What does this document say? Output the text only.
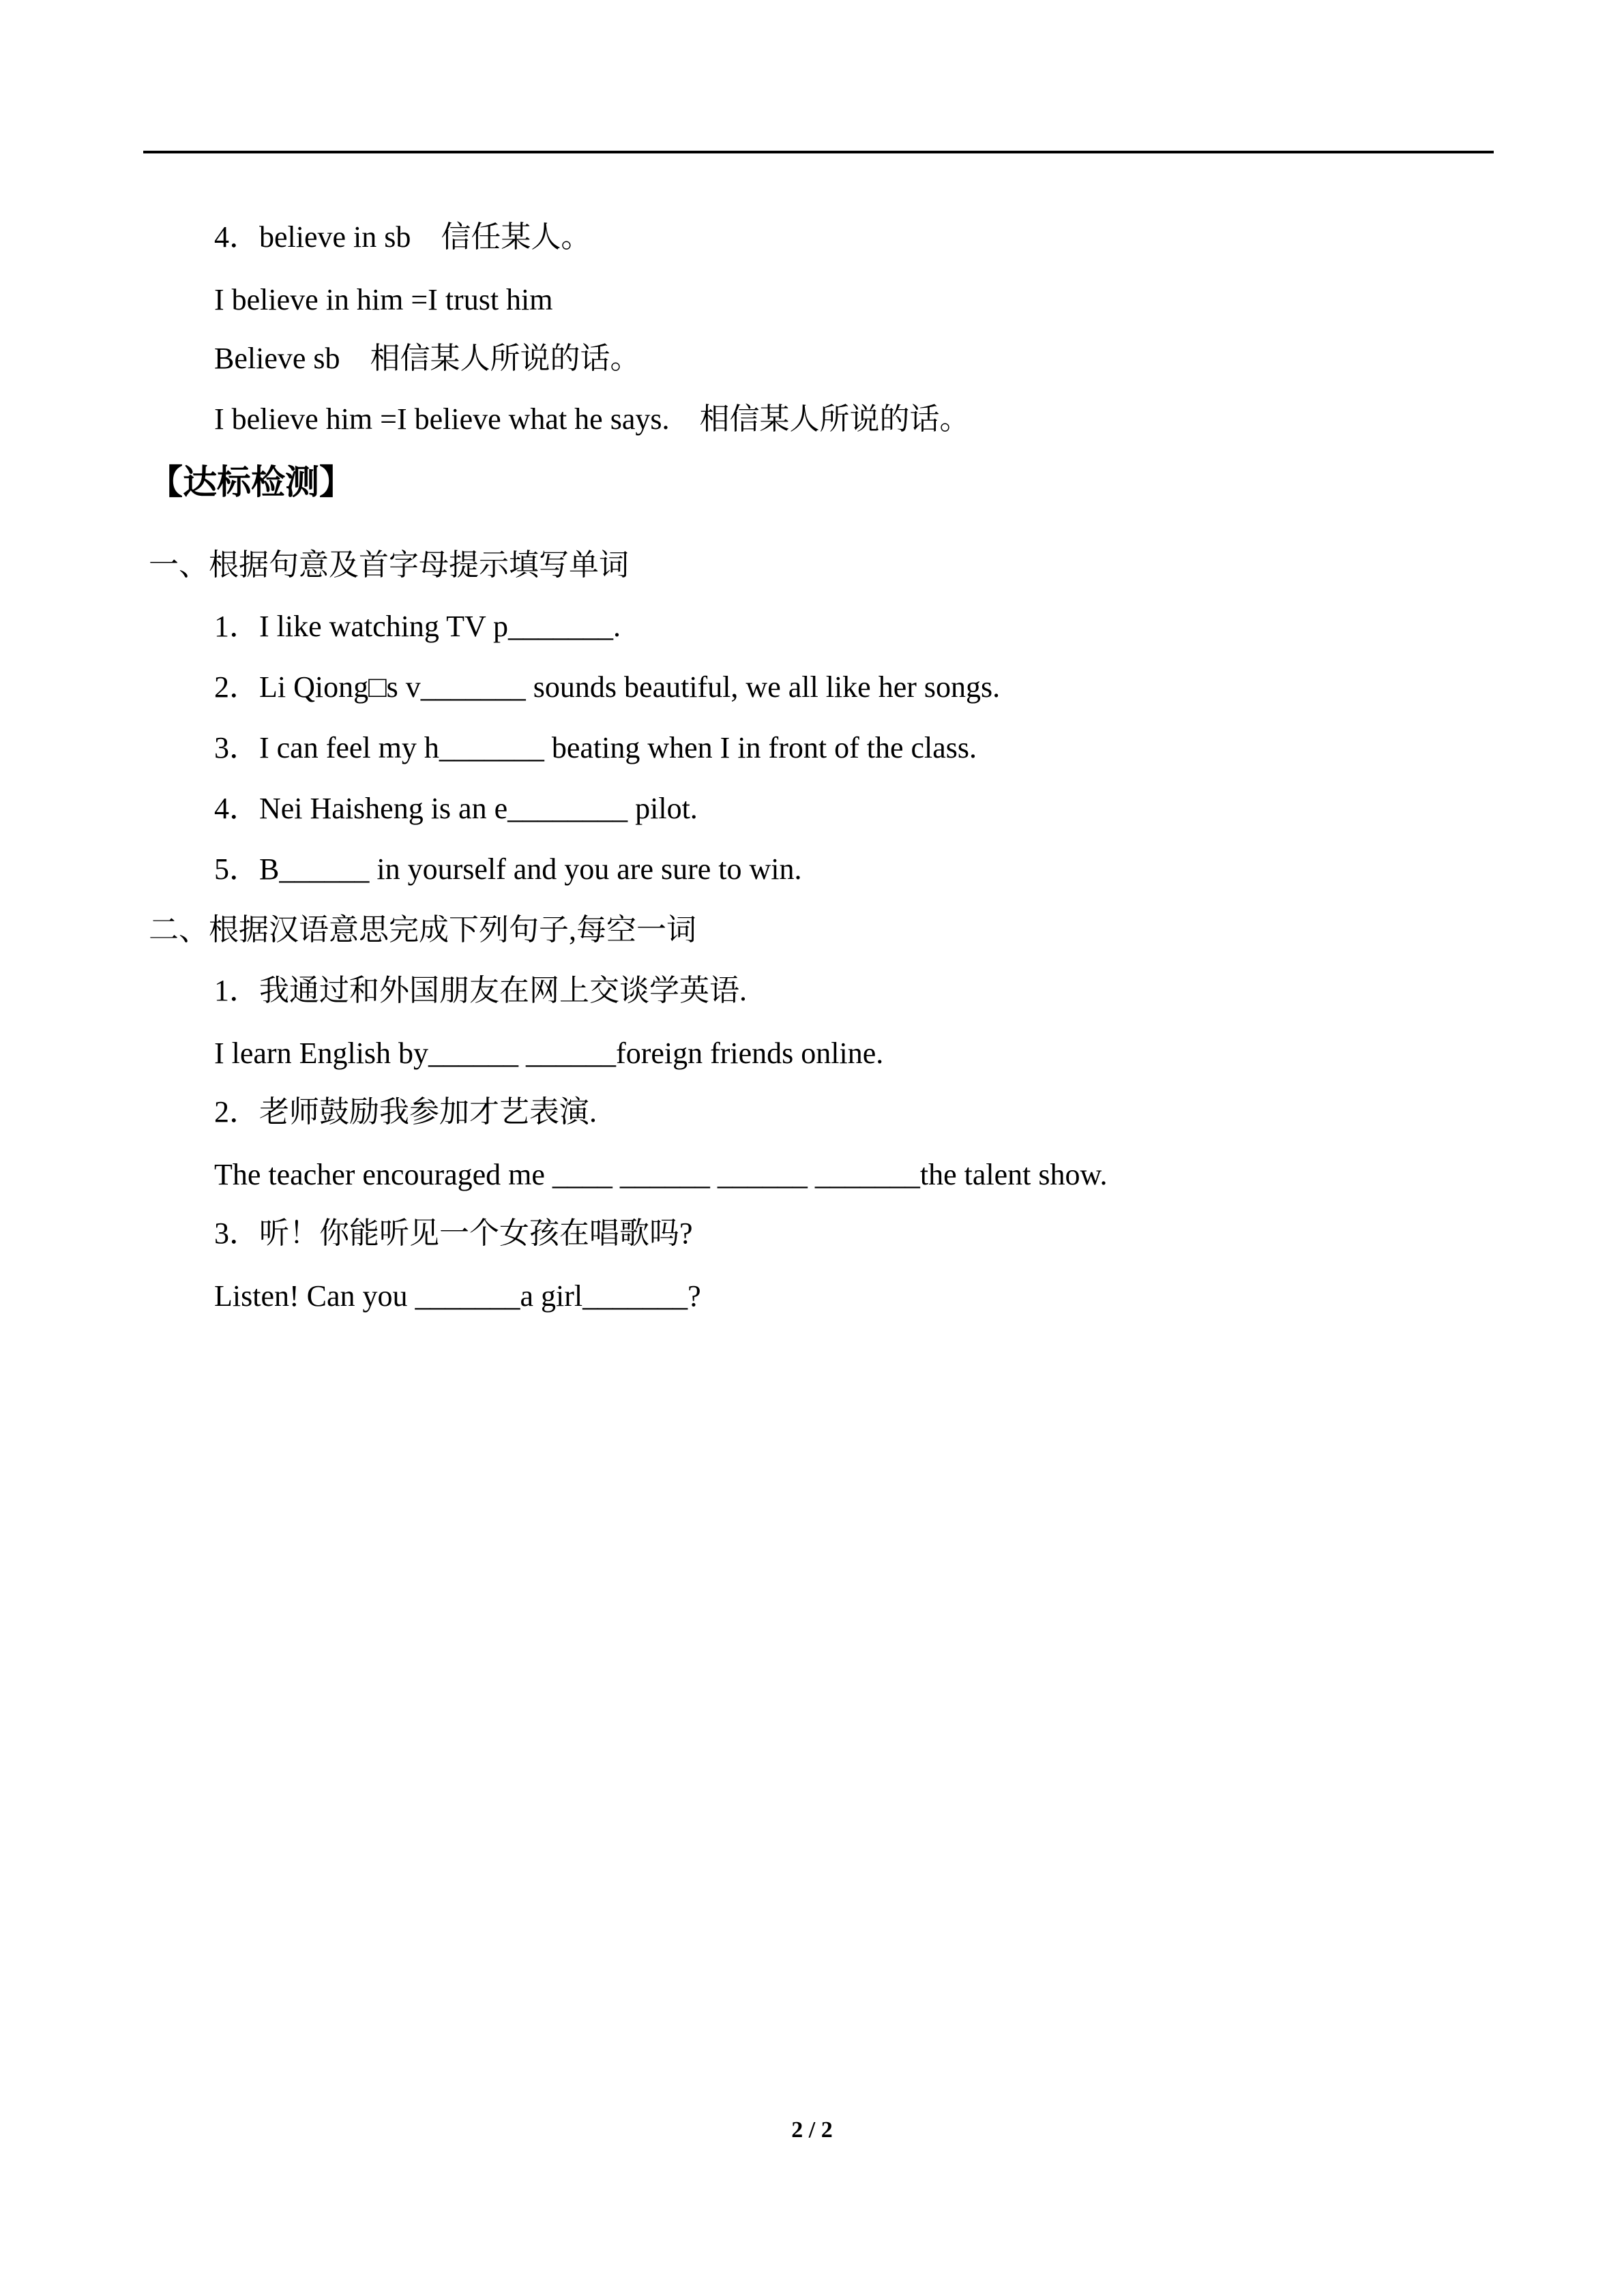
4．believe in sb　信任某人。
I believe in him =I trust him
Believe sb　相信某人所说的话。
I believe him =I believe what he says.　相信某人所说的话。
【达标检测】
一、根据句意及首字母提示填写单词
1．I like watching TV p_______.
2．Li Qiong□s v_______ sounds beautiful, we all like her songs.
3．I can feel my h_______ beating when I in front of the class.
4．Nei Haisheng is an e________ pilot.
5．B______ in yourself and you are sure to win.
二、根据汉语意思完成下列句子,每空一词
1．我通过和外国朋友在网上交谈学英语.
I learn English by______ ______foreign friends online.
2．老师鼓励我参加才艺表演.
The teacher encouraged me ____ ______ ______ _______the talent show.
3．听！你能听见一个女孩在唱歌吗?
Listen! Can you _______a girl_______?
2 / 2
